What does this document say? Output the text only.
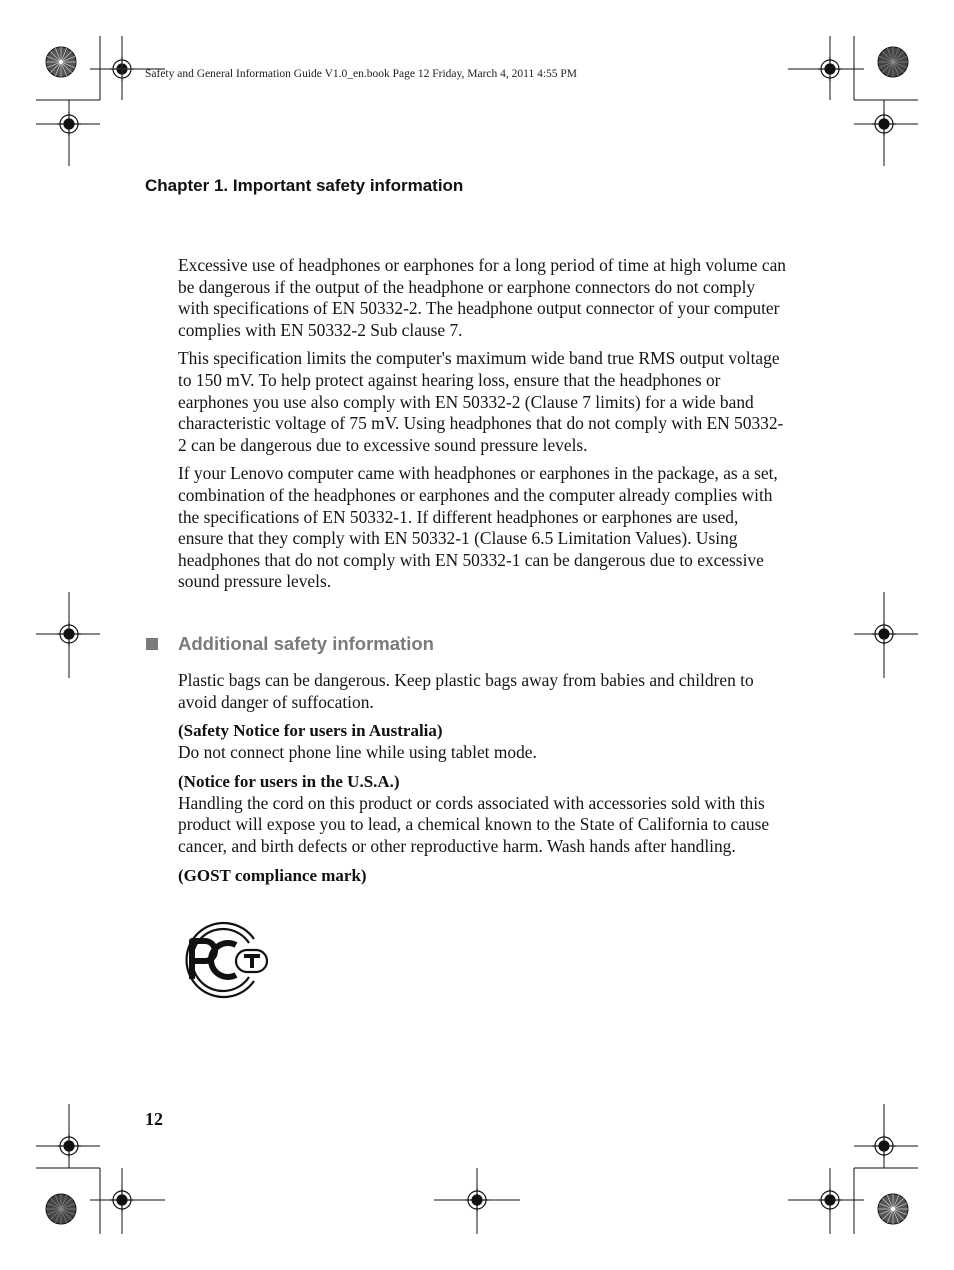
Safety and General Information Guide V1.0_en.book Page 12 Friday, March 4, 2011 4:55 PM
Chapter 1. Important safety information

Excessive use of headphones or earphones for a long period of time at high volume can be dangerous if the output of the headphone or earphone connectors do not comply with specifications of EN 50332-2. The headphone output connector of your computer complies with EN 50332-2 Sub clause 7.

This specification limits the computer's maximum wide band true RMS output voltage to 150 mV. To help protect against hearing loss, ensure that the headphones or earphones you use also comply with EN 50332-2 (Clause 7 limits) for a wide band characteristic voltage of 75 mV. Using headphones that do not comply with EN 50332-2 can be dangerous due to excessive sound pressure levels.

If your Lenovo computer came with headphones or earphones in the package, as a set, combination of the headphones or earphones and the computer already complies with the specifications of EN 50332-1. If different headphones or earphones are used, ensure that they comply with EN 50332-1 (Clause 6.5 Limitation Values). Using headphones that do not comply with EN 50332-1 can be dangerous due to excessive sound pressure levels.

Additional safety information

Plastic bags can be dangerous. Keep plastic bags away from babies and children to avoid danger of suffocation.

(Safety Notice for users in Australia)

Do not connect phone line while using tablet mode.

(Notice for users in the U.S.A.)

Handling the cord on this product or cords associated with accessories sold with this product will expose you to lead, a chemical known to the State of California to cause cancer, and birth defects or other reproductive harm. Wash hands after handling.

(GOST compliance mark)

12
